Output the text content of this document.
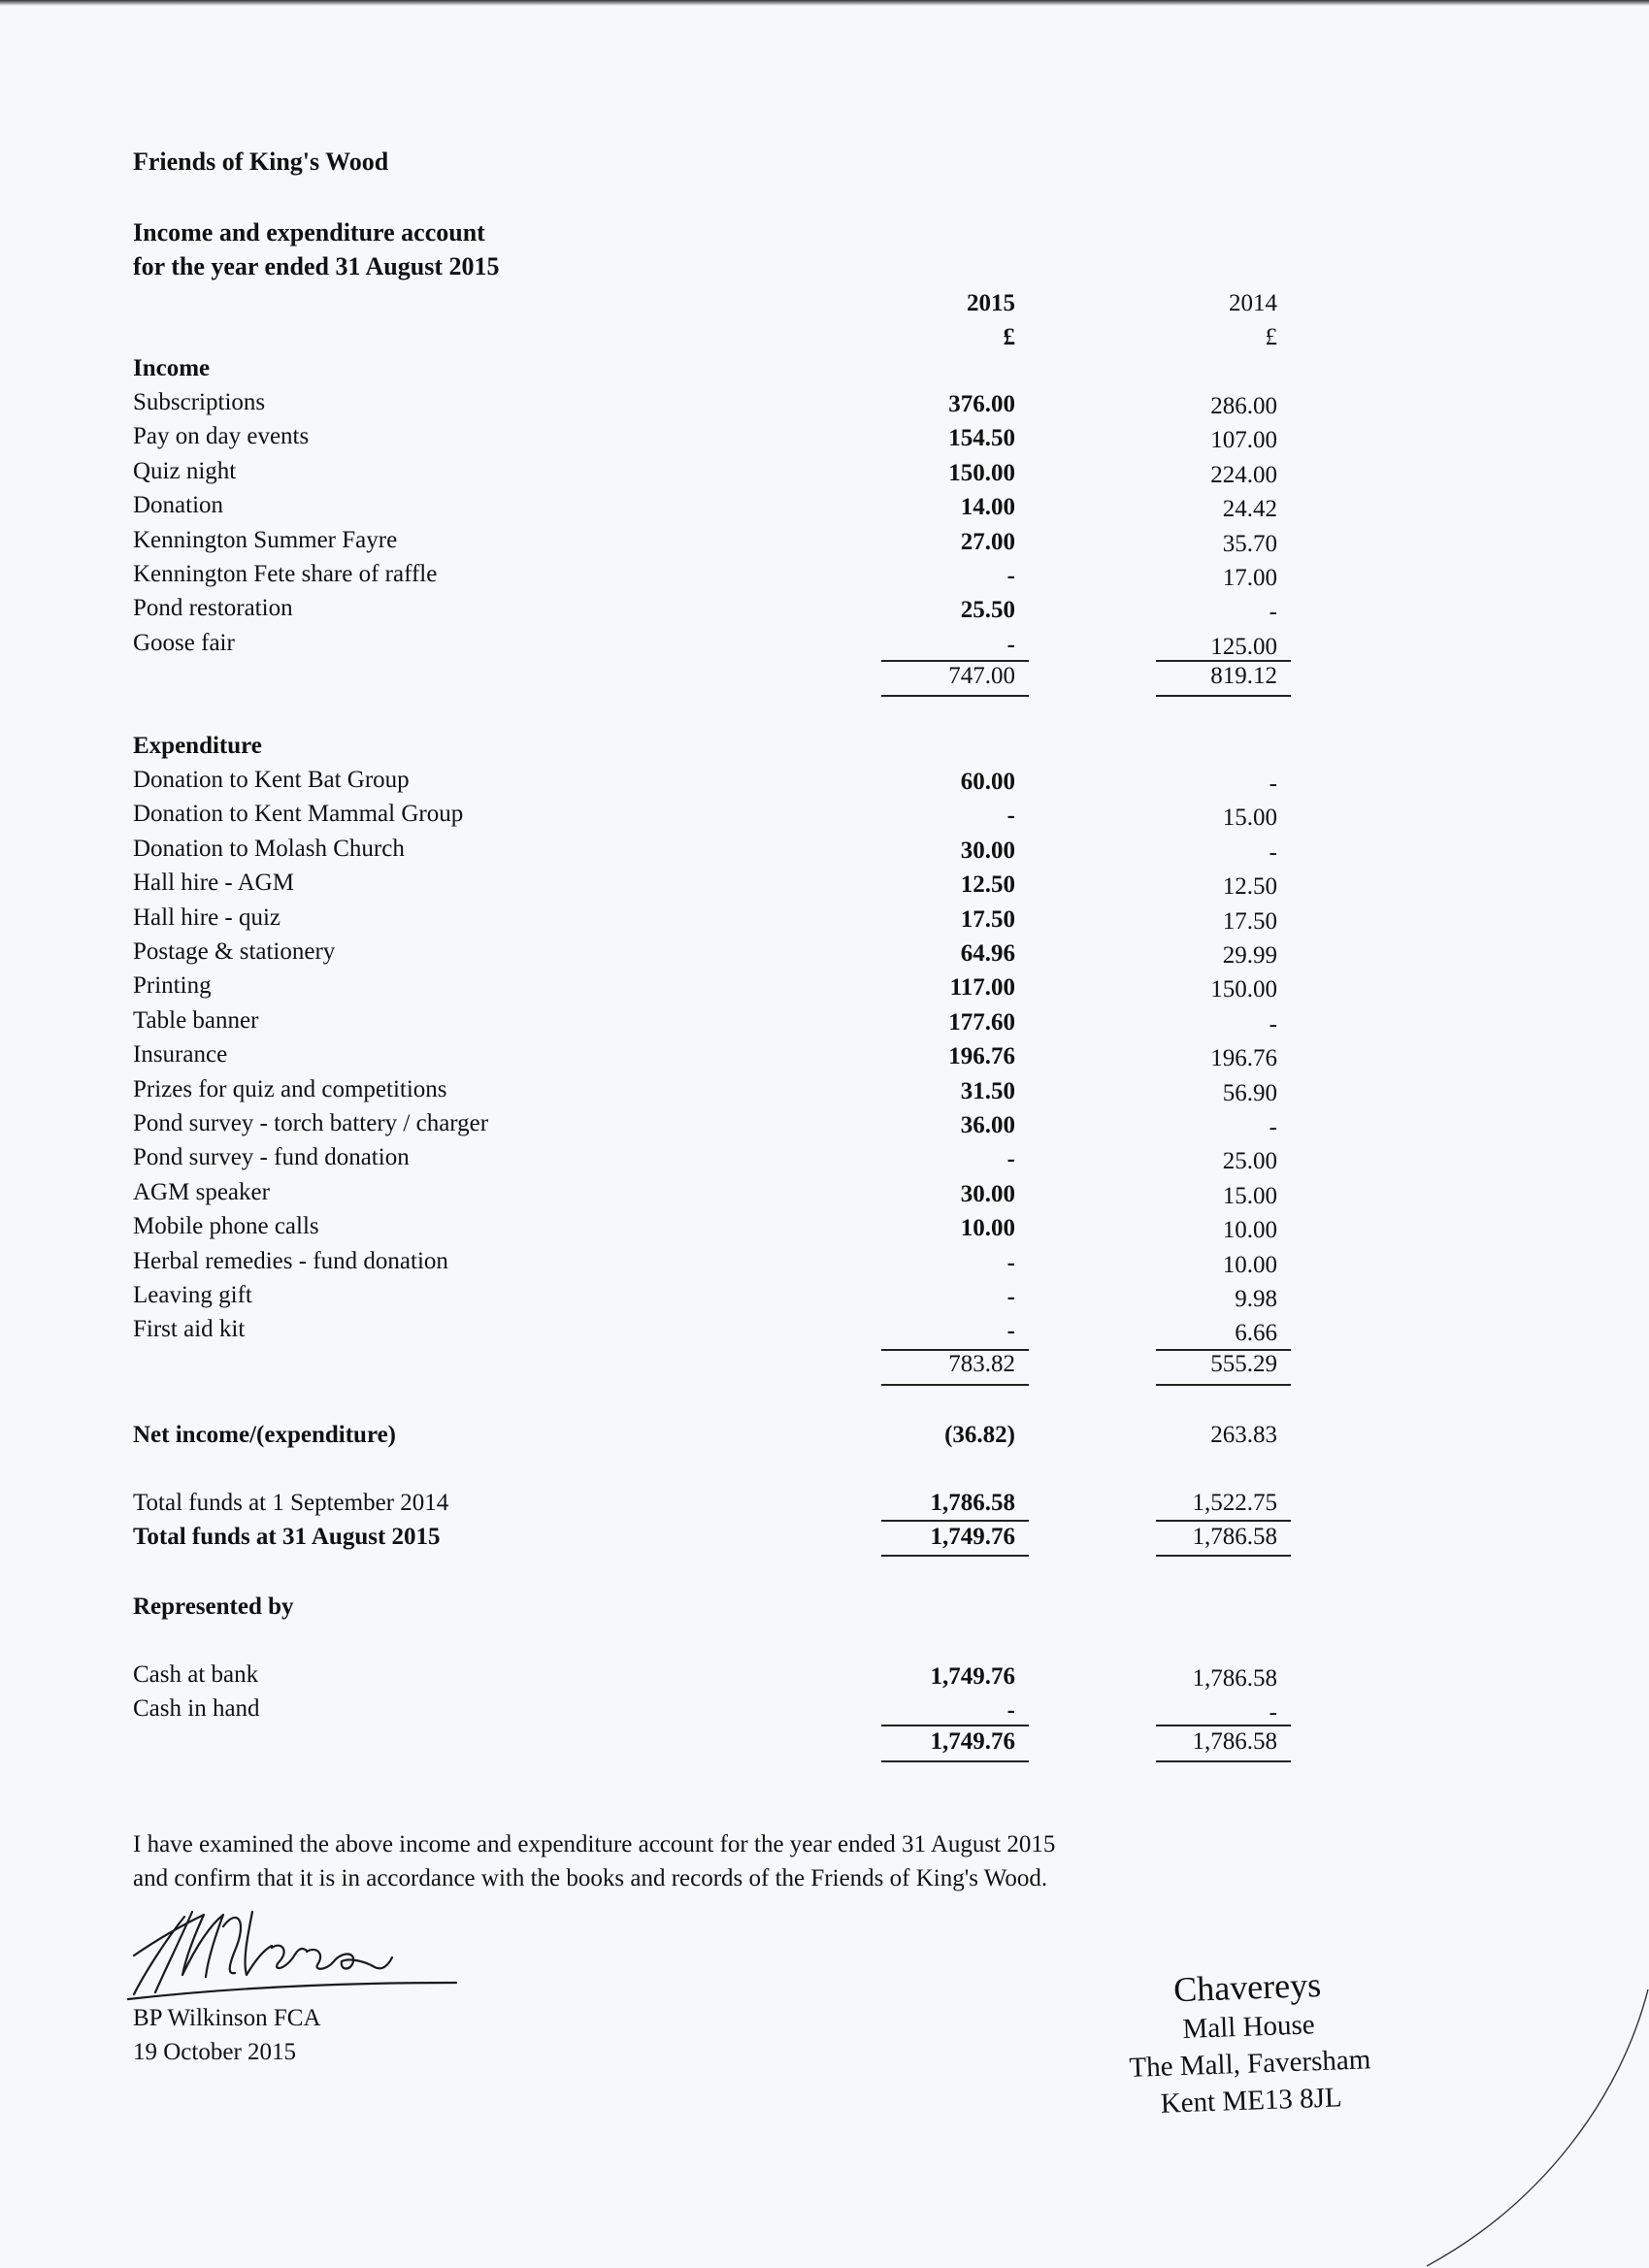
Friends of King's Wood
Income and expenditure account
for the year ended 31 August 2015
2015	2014
£	£
Income
Subscriptions	376.00	286.00
Pay on day events	154.50	107.00
Quiz night	150.00	224.00
Donation	14.00	24.42
Kennington Summer Fayre	27.00	35.70
Kennington Fete share of raffle	-	17.00
Pond restoration	25.50	-
Goose fair	-	125.00
747.00	819.12
Expenditure
Donation to Kent Bat Group	60.00	-
Donation to Kent Mammal Group	-	15.00
Donation to Molash Church	30.00	-
Hall hire - AGM	12.50	12.50
Hall hire - quiz	17.50	17.50
Postage & stationery	64.96	29.99
Printing	117.00	150.00
Table banner	177.60	-
Insurance	196.76	196.76
Prizes for quiz and competitions	31.50	56.90
Pond survey - torch battery / charger	36.00	-
Pond survey - fund donation	-	25.00
AGM speaker	30.00	15.00
Mobile phone calls	10.00	10.00
Herbal remedies - fund donation	-	10.00
Leaving gift	-	9.98
First aid kit	-	6.66
783.82	555.29
Net income/(expenditure)	(36.82)	263.83
Total funds at 1 September 2014	1,786.58	1,522.75
Total funds at 31 August 2015	1,749.76	1,786.58
Represented by
Cash at bank	1,749.76	1,786.58
Cash in hand	-	-
1,749.76	1,786.58
I have examined the above income and expenditure account for the year ended 31 August 2015
and confirm that it is in accordance with the books and records of the Friends of King's Wood.
BP Wilkinson FCA
19 October 2015
Chavereys
Mall House
The Mall, Faversham
Kent ME13 8JL
